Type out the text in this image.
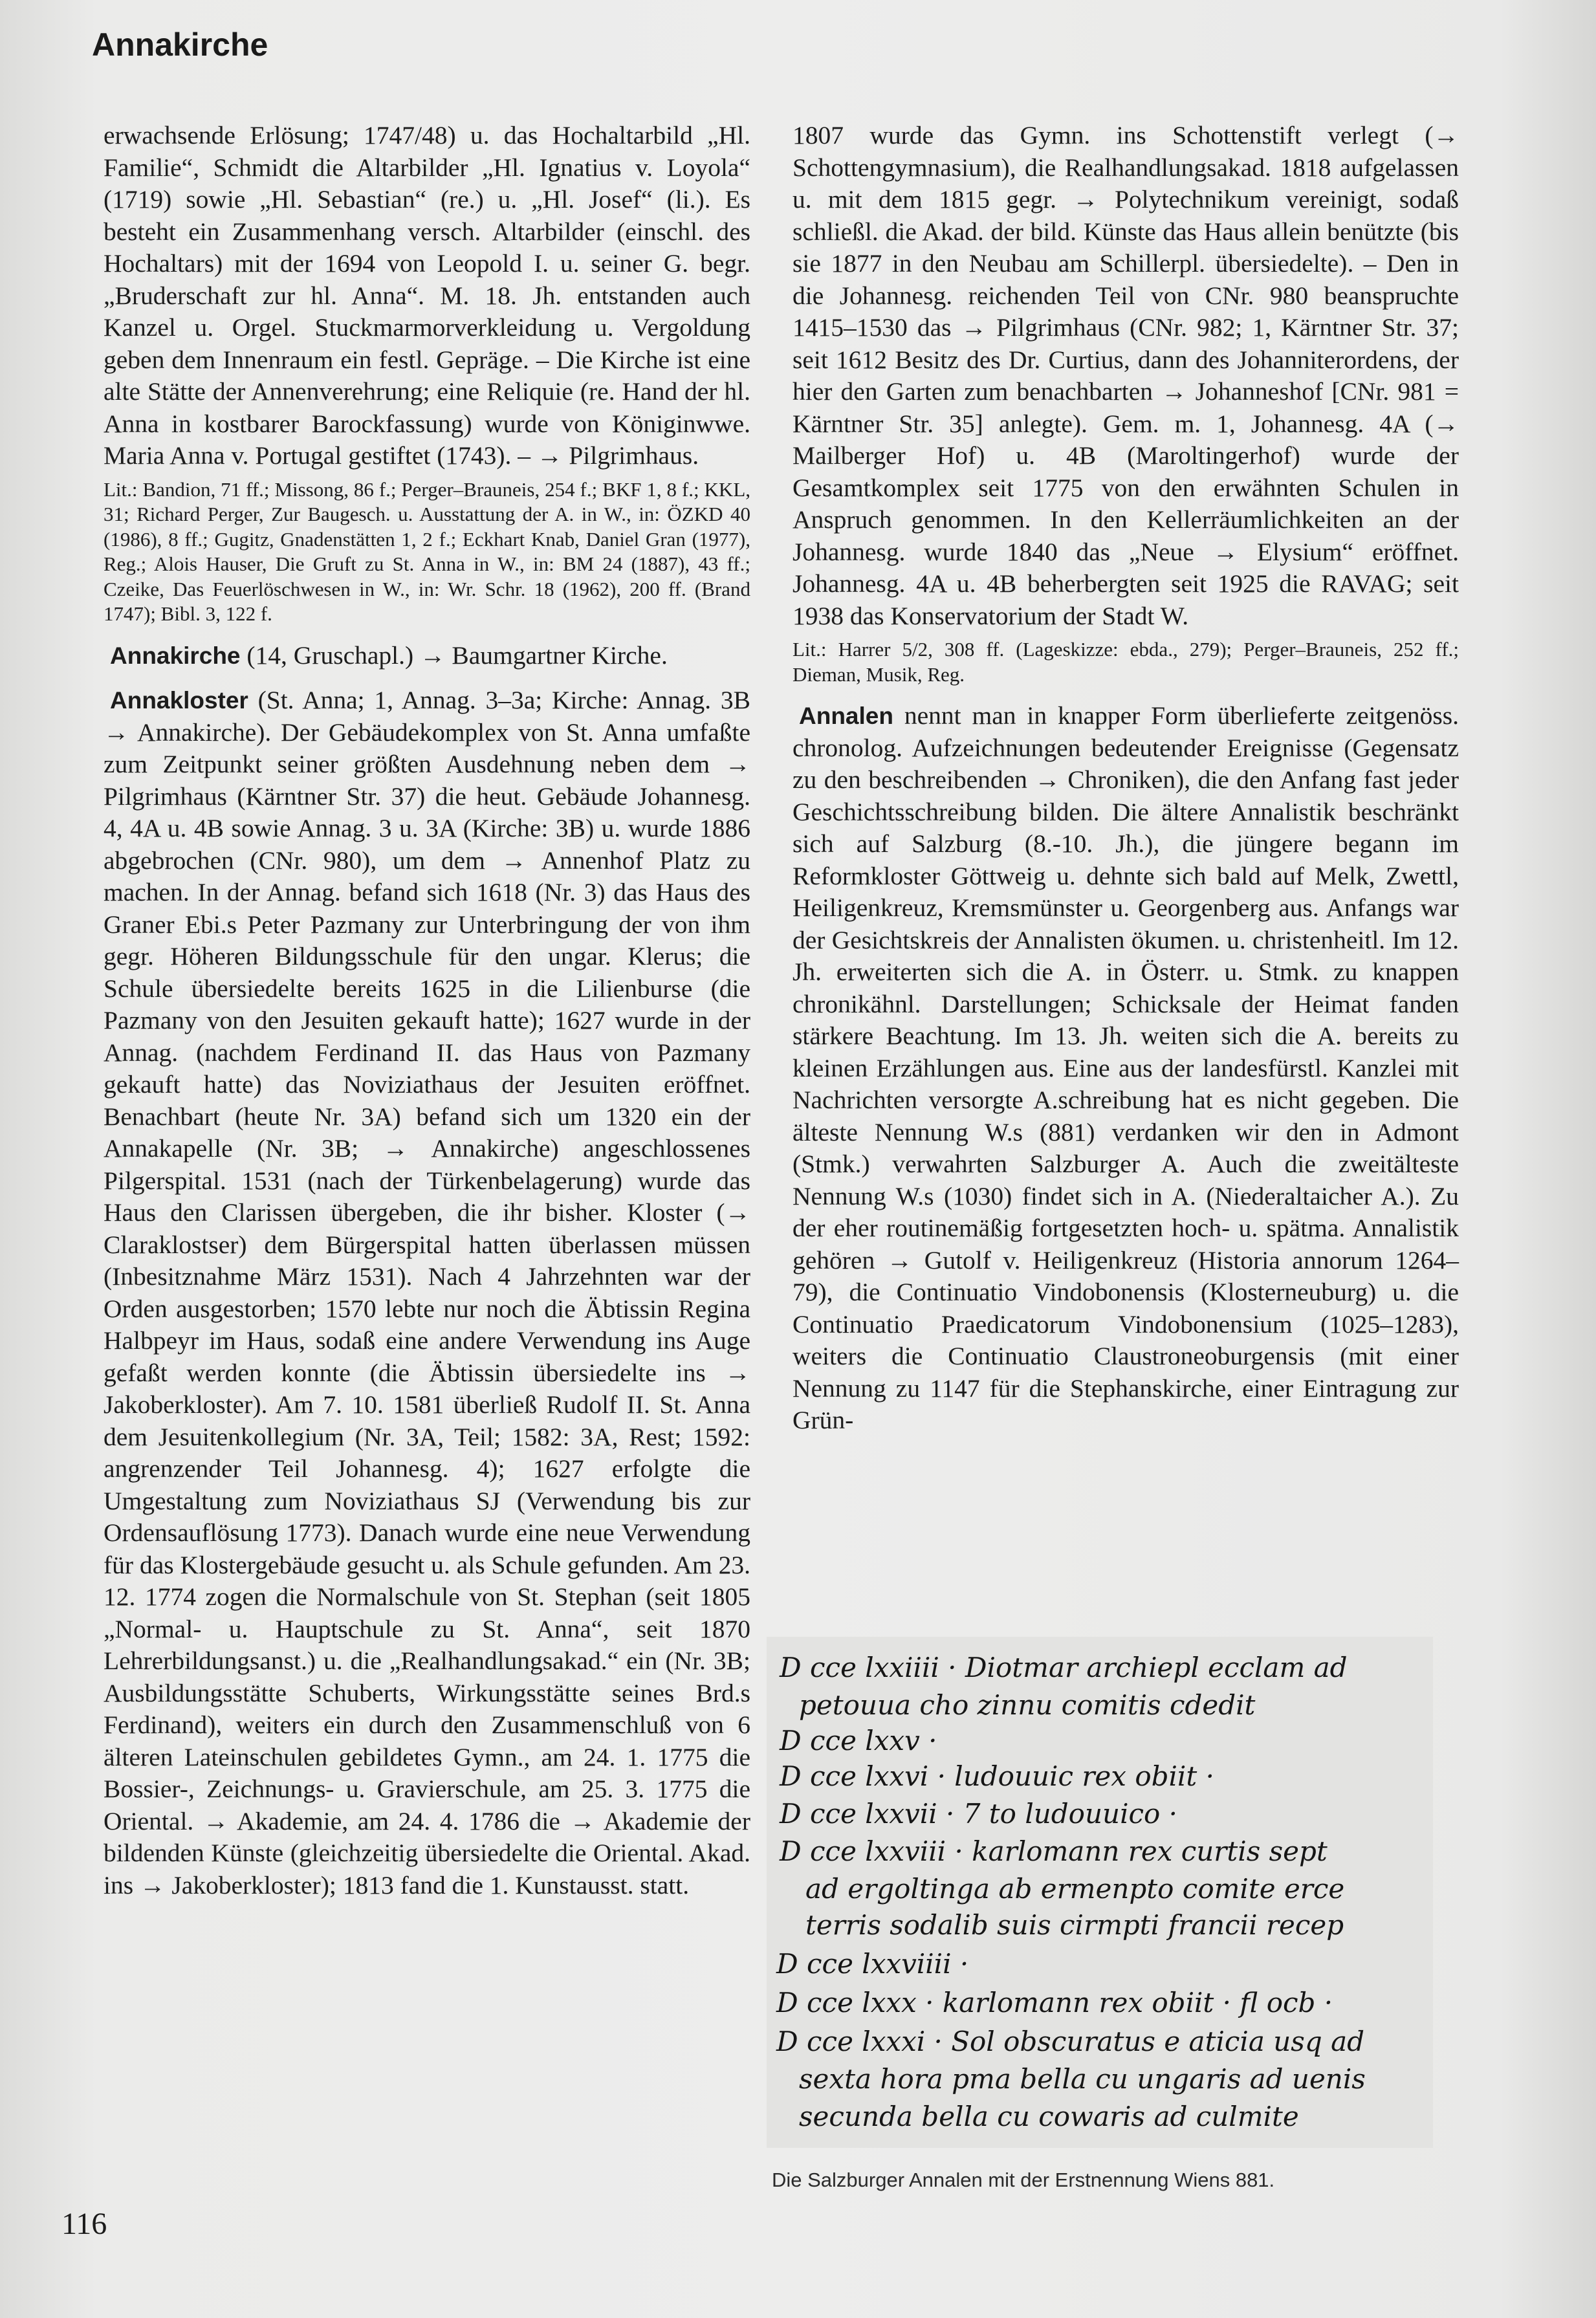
Annakirche

erwachsende Erlösung; 1747/48) u. das Hochaltarbild „Hl. Familie“, Schmidt die Altarbilder „Hl. Ignatius v. Loyola“ (1719) sowie „Hl. Sebastian“ (re.) u. „Hl. Josef“ (li.). Es besteht ein Zusammenhang versch. Altarbilder (einschl. des Hochaltars) mit der 1694 von Leopold I. u. seiner G. begr. „Bruderschaft zur hl. Anna“. M. 18. Jh. entstanden auch Kanzel u. Orgel. Stuckmarmorverkleidung u. Vergoldung geben dem Innenraum ein festl. Gepräge. – Die Kirche ist eine alte Stätte der Annenverehrung; eine Reliquie (re. Hand der hl. Anna in kostbarer Barockfassung) wurde von Königinwwe. Maria Anna v. Portugal gestiftet (1743). – → Pilgrimhaus.

Lit.: Bandion, 71 ff.; Missong, 86 f.; Perger–Brauneis, 254 f.; BKF 1, 8 f.; KKL, 31; Richard Perger, Zur Baugesch. u. Ausstattung der A. in W., in: ÖZKD 40 (1986), 8 ff.; Gugitz, Gnadenstätten 1, 2 f.; Eckhart Knab, Daniel Gran (1977), Reg.; Alois Hauser, Die Gruft zu St. Anna in W., in: BM 24 (1887), 43 ff.; Czeike, Das Feuerlöschwesen in W., in: Wr. Schr. 18 (1962), 200 ff. (Brand 1747); Bibl. 3, 122 f.

Annakirche (14, Gruschapl.) → Baumgartner Kirche.

Annakloster (St. Anna; 1, Annag. 3–3a; Kirche: Annag. 3B → Annakirche). Der Gebäudekomplex von St. Anna umfaßte zum Zeitpunkt seiner größten Ausdehnung neben dem → Pilgrimhaus (Kärntner Str. 37) die heut. Gebäude Johannesg. 4, 4A u. 4B sowie Annag. 3 u. 3A (Kirche: 3B) u. wurde 1886 abgebrochen (CNr. 980), um dem → Annenhof Platz zu machen. In der Annag. befand sich 1618 (Nr. 3) das Haus des Graner Ebi.s Peter Pazmany zur Unterbringung der von ihm gegr. Höheren Bildungsschule für den ungar. Klerus; die Schule übersiedelte bereits 1625 in die Lilienburse (die Pazmany von den Jesuiten gekauft hatte); 1627 wurde in der Annag. (nachdem Ferdinand II. das Haus von Pazmany gekauft hatte) das Noviziathaus der Jesuiten eröffnet. Benachbart (heute Nr. 3A) befand sich um 1320 ein der Annakapelle (Nr. 3B; → Annakirche) angeschlossenes Pilgerspital. 1531 (nach der Türkenbelagerung) wurde das Haus den Clarissen übergeben, die ihr bisher. Kloster (→ Claraklostser) dem Bürgerspital hatten überlassen müssen (Inbesitznahme März 1531). Nach 4 Jahrzehnten war der Orden ausgestorben; 1570 lebte nur noch die Äbtissin Regina Halbpeyr im Haus, sodaß eine andere Verwendung ins Auge gefaßt werden konnte (die Äbtissin übersiedelte ins → Jakoberkloster). Am 7. 10. 1581 überließ Rudolf II. St. Anna dem Jesuitenkollegium (Nr. 3A, Teil; 1582: 3A, Rest; 1592: angrenzender Teil Johannesg. 4); 1627 erfolgte die Umgestaltung zum Noviziathaus SJ (Verwendung bis zur Ordensauflösung 1773). Danach wurde eine neue Verwendung für das Klostergebäude gesucht u. als Schule gefunden. Am 23. 12. 1774 zogen die Normalschule von St. Stephan (seit 1805 „Normal- u. Hauptschule zu St. Anna“, seit 1870 Lehrerbildungsanst.) u. die „Realhandlungsakad.“ ein (Nr. 3B; Ausbildungsstätte Schuberts, Wirkungsstätte seines Brd.s Ferdinand), weiters ein durch den Zusammenschluß von 6 älteren Lateinschulen gebildetes Gymn., am 24. 1. 1775 die Bossier-, Zeichnungs- u. Gravierschule, am 25. 3. 1775 die Oriental. → Akademie, am 24. 4. 1786 die → Akademie der bildenden Künste (gleichzeitig übersiedelte die Oriental. Akad. ins → Jakoberkloster); 1813 fand die 1. Kunstausst. statt.

1807 wurde das Gymn. ins Schottenstift verlegt (→ Schottengymnasium), die Realhandlungsakad. 1818 aufgelassen u. mit dem 1815 gegr. → Polytechnikum vereinigt, sodaß schließl. die Akad. der bild. Künste das Haus allein benützte (bis sie 1877 in den Neubau am Schillerpl. übersiedelte). – Den in die Johannesg. reichenden Teil von CNr. 980 beanspruchte 1415–1530 das → Pilgrimhaus (CNr. 982; 1, Kärntner Str. 37; seit 1612 Besitz des Dr. Curtius, dann des Johanniterordens, der hier den Garten zum benachbarten → Johanneshof [CNr. 981 = Kärntner Str. 35] anlegte). Gem. m. 1, Johannesg. 4A (→ Mailberger Hof) u. 4B (Maroltingerhof) wurde der Gesamtkomplex seit 1775 von den erwähnten Schulen in Anspruch genommen. In den Kellerräumlichkeiten an der Johannesg. wurde 1840 das „Neue → Elysium“ eröffnet. Johannesg. 4A u. 4B beherbergten seit 1925 die RAVAG; seit 1938 das Konservatorium der Stadt W.

Lit.: Harrer 5/2, 308 ff. (Lageskizze: ebda., 279); Perger–Brauneis, 252 ff.; Dieman, Musik, Reg.

Annalen nennt man in knapper Form überlieferte zeitgenöss. chronolog. Aufzeichnungen bedeutender Ereignisse (Gegensatz zu den beschreibenden → Chroniken), die den Anfang fast jeder Geschichtsschreibung bilden. Die ältere Annalistik beschränkt sich auf Salzburg (8.-10. Jh.), die jüngere begann im Reformkloster Göttweig u. dehnte sich bald auf Melk, Zwettl, Heiligenkreuz, Kremsmünster u. Georgenberg aus. Anfangs war der Gesichtskreis der Annalisten ökumen. u. christenheitl. Im 12. Jh. erweiterten sich die A. in Österr. u. Stmk. zu knappen chronikähnl. Darstellungen; Schicksale der Heimat fanden stärkere Beachtung. Im 13. Jh. weiten sich die A. bereits zu kleinen Erzählungen aus. Eine aus der landesfürstl. Kanzlei mit Nachrichten versorgte A.schreibung hat es nicht gegeben. Die älteste Nennung W.s (881) verdanken wir den in Admont (Stmk.) verwahrten Salzburger A. Auch die zweitälteste Nennung W.s (1030) findet sich in A. (Niederaltaicher A.). Zu der eher routinemäßig fortgesetzten hoch- u. spätma. Annalistik gehören → Gutolf v. Heiligenkreuz (Historia annorum 1264–79), die Continuatio Vindobonensis (Klosterneuburg) u. die Continuatio Praedicatorum Vindobonensium (1025–1283), weiters die Continuatio Claustroneoburgensis (mit einer Nennung zu 1147 für die Stephanskirche, einer Eintragung zur Grün-

D cce lxxiiii · Diotmar archiepl ecclam ad
petouua cho zinnu comitis cdedit
D cce lxxv ·
D cce lxxvi · ludouuic rex obiit ·
D cce lxxvii · 7 to ludouuico ·
D cce lxxviii · karlomann rex curtis sept
ad ergoltinga ab ermenpto comite erce
terris sodalib suis cirmpti francii recep
D cce lxxviiii ·
D cce lxxx · karlomann rex obiit · fl ocb ·
D cce lxxxi · Sol obscuratus e aticia usq ad
sexta hora pma bella cu ungaris ad uenis
secunda bella cu cowaris ad culmite
Die Salzburger Annalen mit der Erstnennung Wiens 881.
116
